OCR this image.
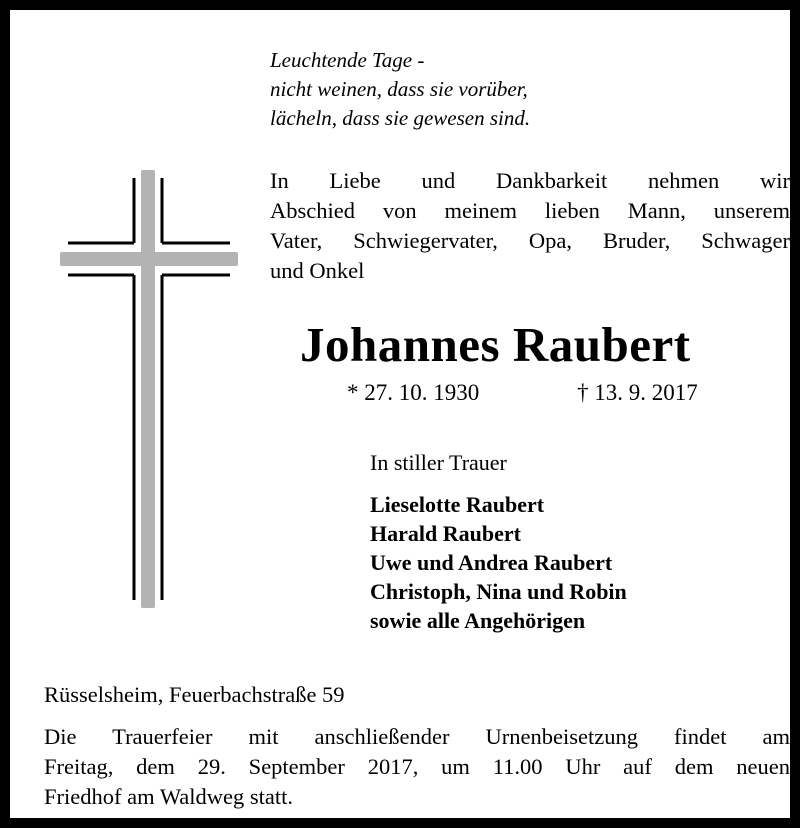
Leuchtende Tage -
nicht weinen, dass sie vorüber,
lächeln, dass sie gewesen sind.
In Liebe und Dankbarkeit nehmen wir
Abschied von meinem lieben Mann, unserem
Vater, Schwiegervater, Opa, Bruder, Schwager
und Onkel
Johannes Raubert
* 27. 10. 1930	† 13. 9. 2017
In stiller Trauer
Lieselotte Raubert
Harald Raubert
Uwe und Andrea Raubert
Christoph, Nina und Robin
sowie alle Angehörigen
Rüsselsheim, Feuerbachstraße 59
Die Trauerfeier mit anschließender Urnenbeisetzung findet am
Freitag, dem 29. September 2017, um 11.00 Uhr auf dem neuen
Friedhof am Waldweg statt.
